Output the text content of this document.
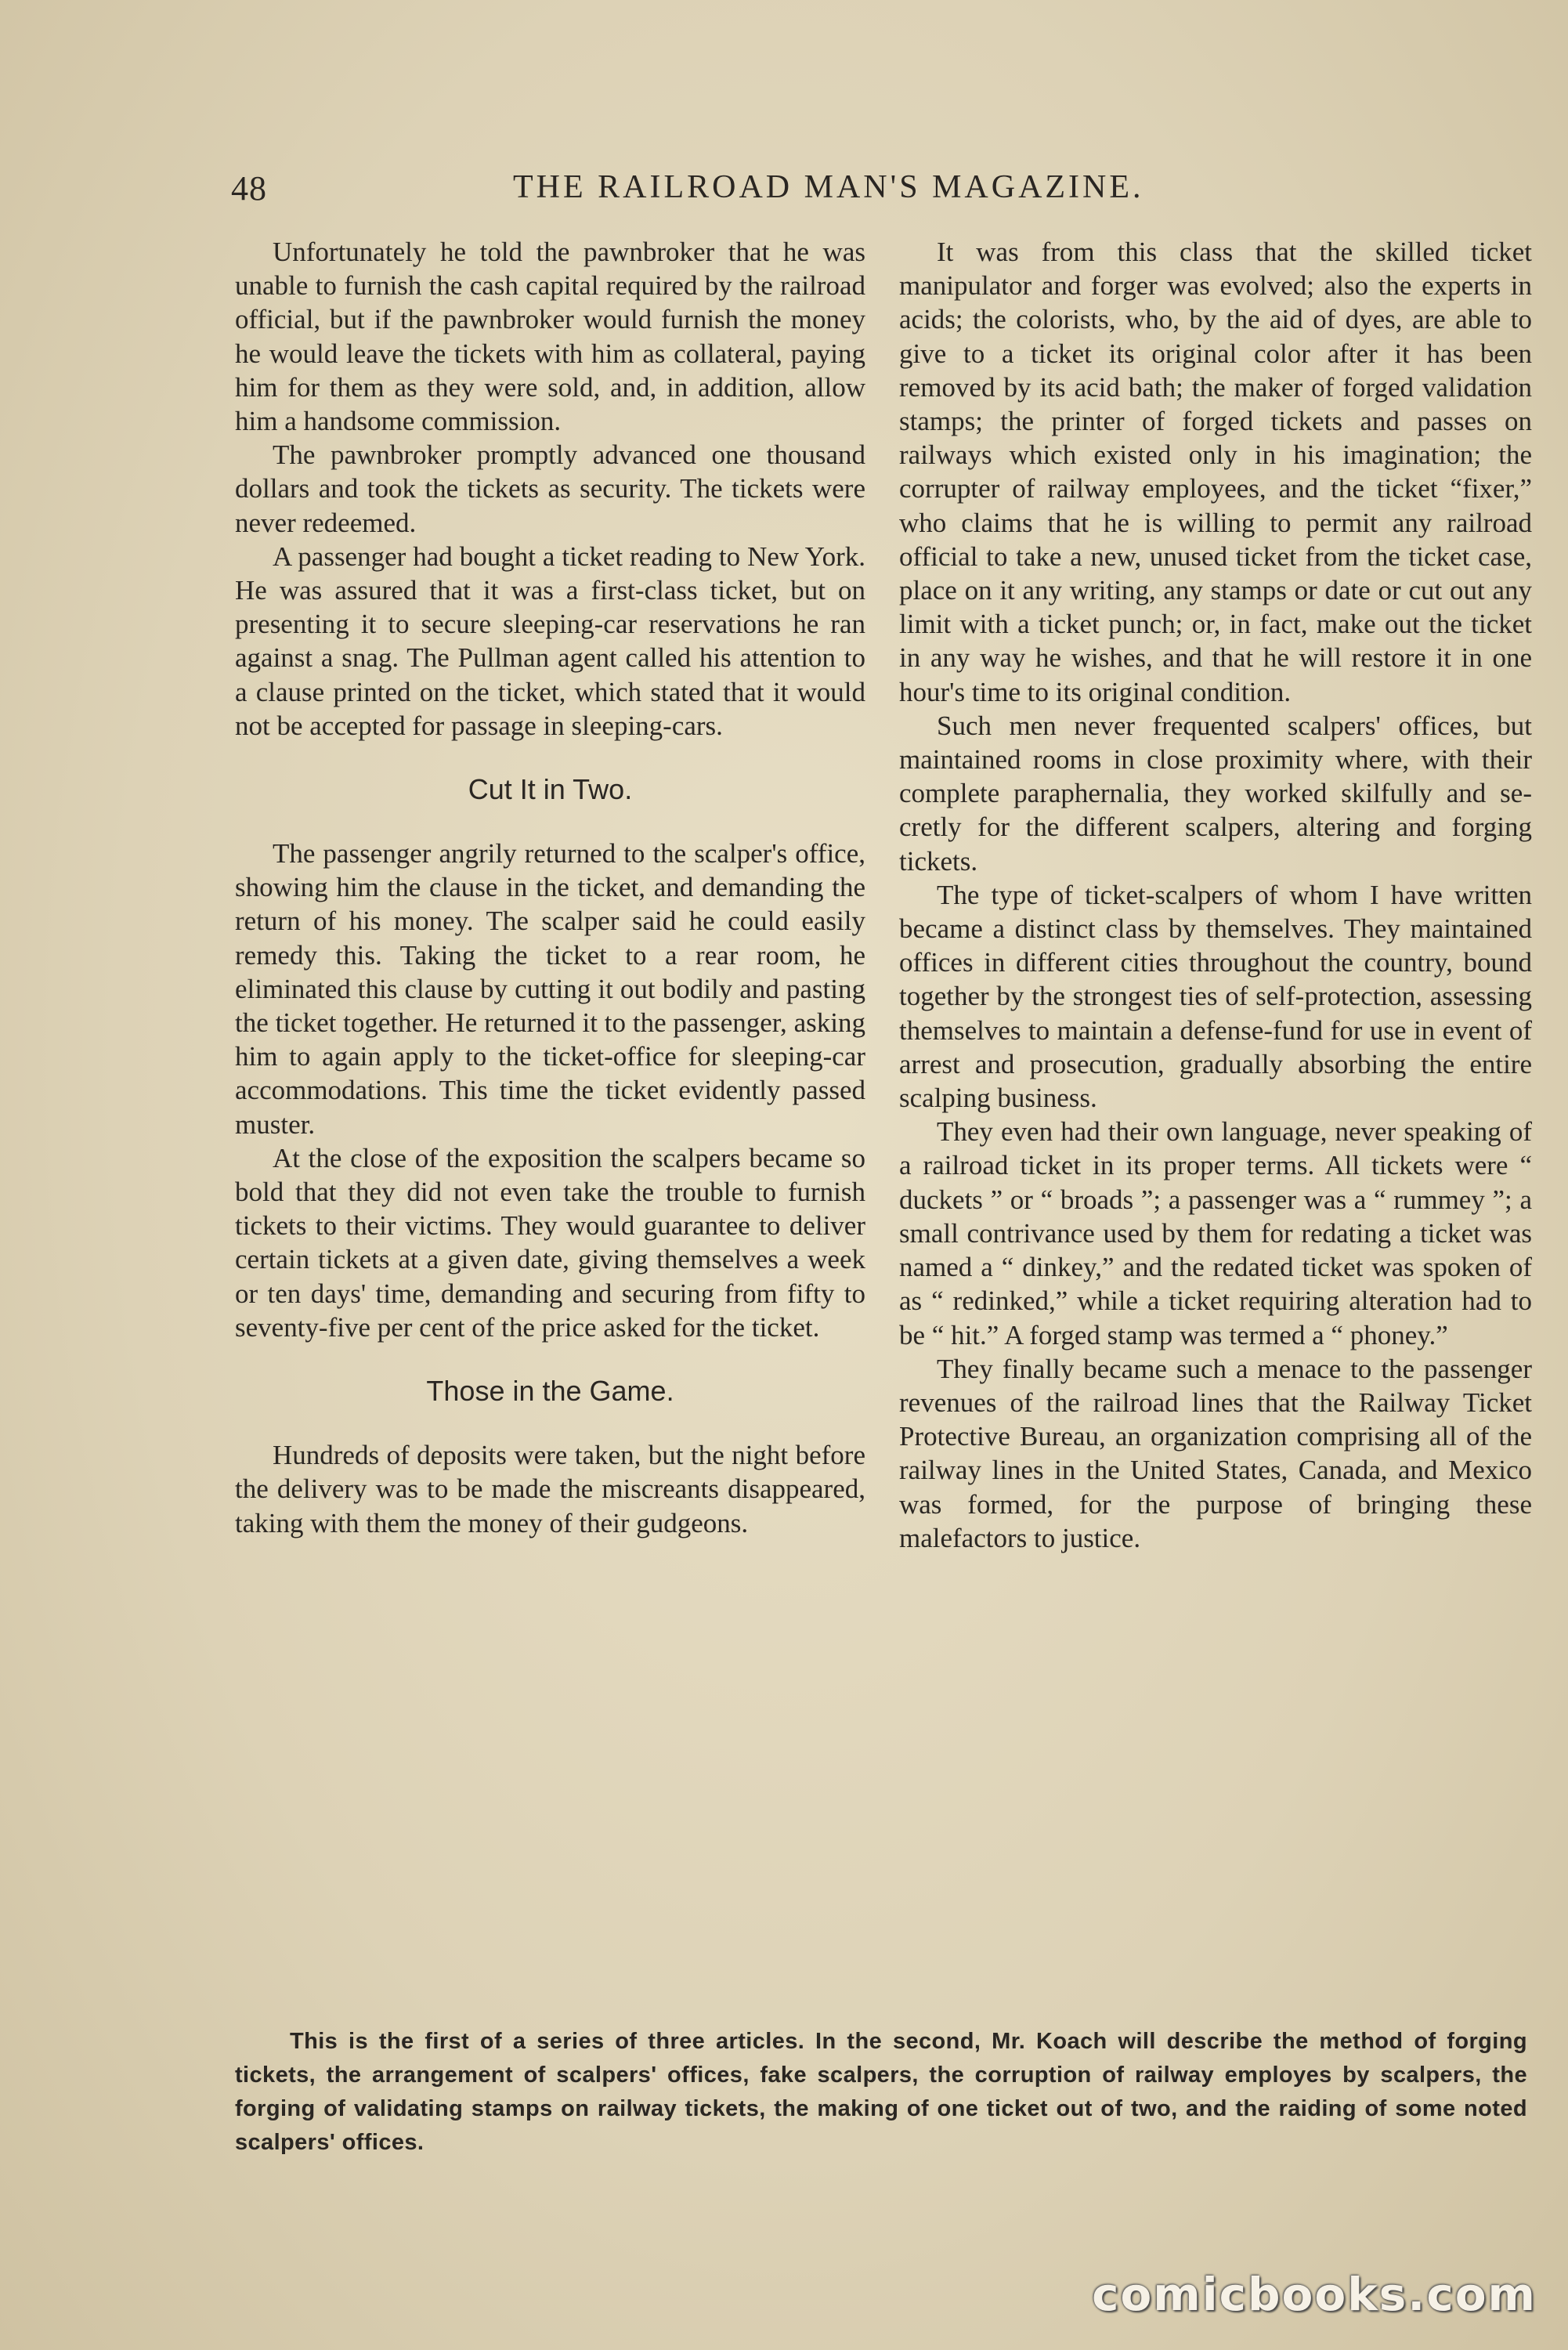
48	THE RAILROAD MAN'S MAGAZINE.

Unfortunately he told the pawnbroker that he was unable to furnish the cash capital required by the railroad official, but if the pawnbroker would furnish the money he would leave the tickets with him as collateral, paying him for them as they were sold, and, in addition, allow him a handsome commission.

The pawnbroker promptly advanced one thousand dollars and took the tickets as security. The tickets were never redeemed.

A passenger had bought a ticket reading to New York. He was assured that it was a first-class ticket, but on presenting it to secure sleeping-car reservations he ran against a snag. The Pullman agent called his attention to a clause printed on the ticket, which stated that it would not be accepted for passage in sleeping-cars.

Cut It in Two.

The passenger angrily returned to the scalper's office, showing him the clause in the ticket, and demanding the return of his money. The scalper said he could easily remedy this. Taking the ticket to a rear room, he eliminated this clause by cutting it out bodily and pasting the ticket together. He returned it to the passenger, asking him to again apply to the ticket-office for sleeping-car accommodations. This time the ticket evidently passed muster.

At the close of the exposition the scalpers became so bold that they did not even take the trouble to furnish tickets to their victims. They would guarantee to deliver certain tickets at a given date, giving themselves a week or ten days' time, demanding and securing from fifty to seventy-five per cent of the price asked for the ticket.

Those in the Game.

Hundreds of deposits were taken, but the night before the delivery was to be made the miscreants disappeared, taking with them the money of their gudgeons.

It was from this class that the skilled ticket manipulator and forger was evolved; also the experts in acids; the colorists, who, by the aid of dyes, are able to give to a ticket its original color after it has been removed by its acid bath; the maker of forged validation stamps; the printer of forged tickets and passes on railways which existed only in his imagination; the corrupter of railway employees, and the ticket “fixer,” who claims that he is willing to permit any railroad official to take a new, unused ticket from the ticket case, place on it any writing, any stamps or date or cut out any limit with a ticket punch; or, in fact, make out the ticket in any way he wishes, and that he will restore it in one hour's time to its original condition.

Such men never frequented scalpers' offices, but maintained rooms in close proximity where, with their complete paraphernalia, they worked skilfully and secretly for the different scalpers, altering and forging tickets.

The type of ticket-scalpers of whom I have written became a distinct class by themselves. They maintained offices in different cities throughout the country, bound together by the strongest ties of self-protection, assessing themselves to maintain a defense-fund for use in event of arrest and prosecution, gradually absorbing the entire scalping business.

They even had their own language, never speaking of a railroad ticket in its proper terms. All tickets were “ duckets ” or “ broads ”; a passenger was a “ rummey ”; a small contrivance used by them for redating a ticket was named a “ dinkey,” and the redated ticket was spoken of as “ redinked,” while a ticket requiring alteration had to be “ hit.” A forged stamp was termed a “ phoney.”

They finally became such a menace to the passenger revenues of the railroad lines that the Railway Ticket Protective Bureau, an organization comprising all of the railway lines in the United States, Canada, and Mexico was formed, for the purpose of bringing these malefactors to justice.

This is the first of a series of three articles. In the second, Mr. Koach will describe the method of forging tickets, the arrangement of scalpers' offices, fake scalpers, the corruption of railway employes by scalpers, the forging of validating stamps on railway tickets, the making of one ticket out of two, and the raiding of some noted scalpers' offices.
comicbooks.com
